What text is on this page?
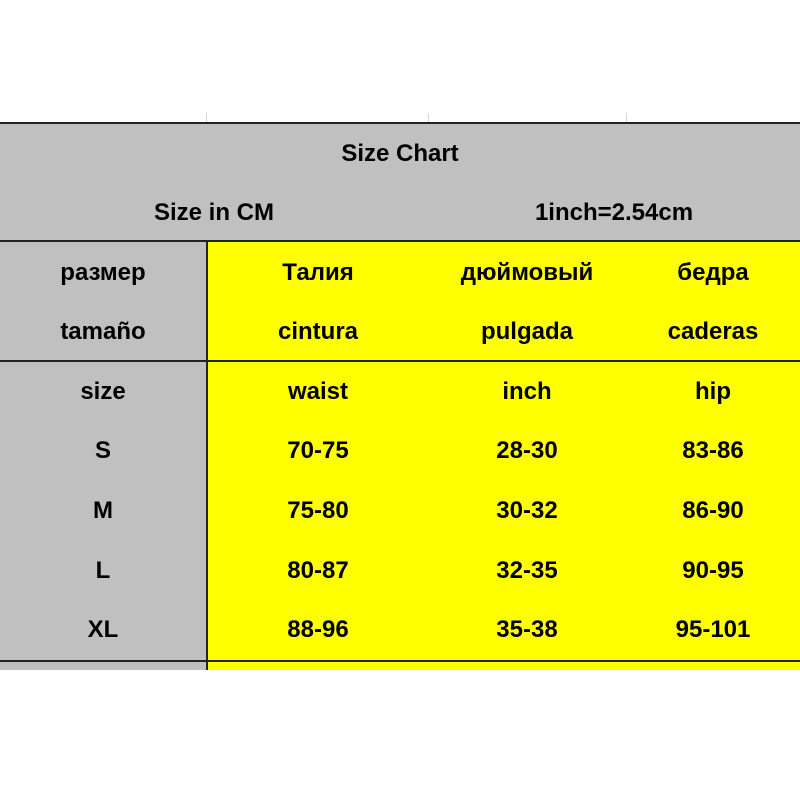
Size Chart
Size in CM	1inch=2.54cm
размер	Талия	дюймовый	бедра
tamaño	cintura	pulgada	caderas
size	waist	inch	hip
S	70-75	28-30	83-86
M	75-80	30-32	86-90
L	80-87	32-35	90-95
XL	88-96	35-38	95-101
